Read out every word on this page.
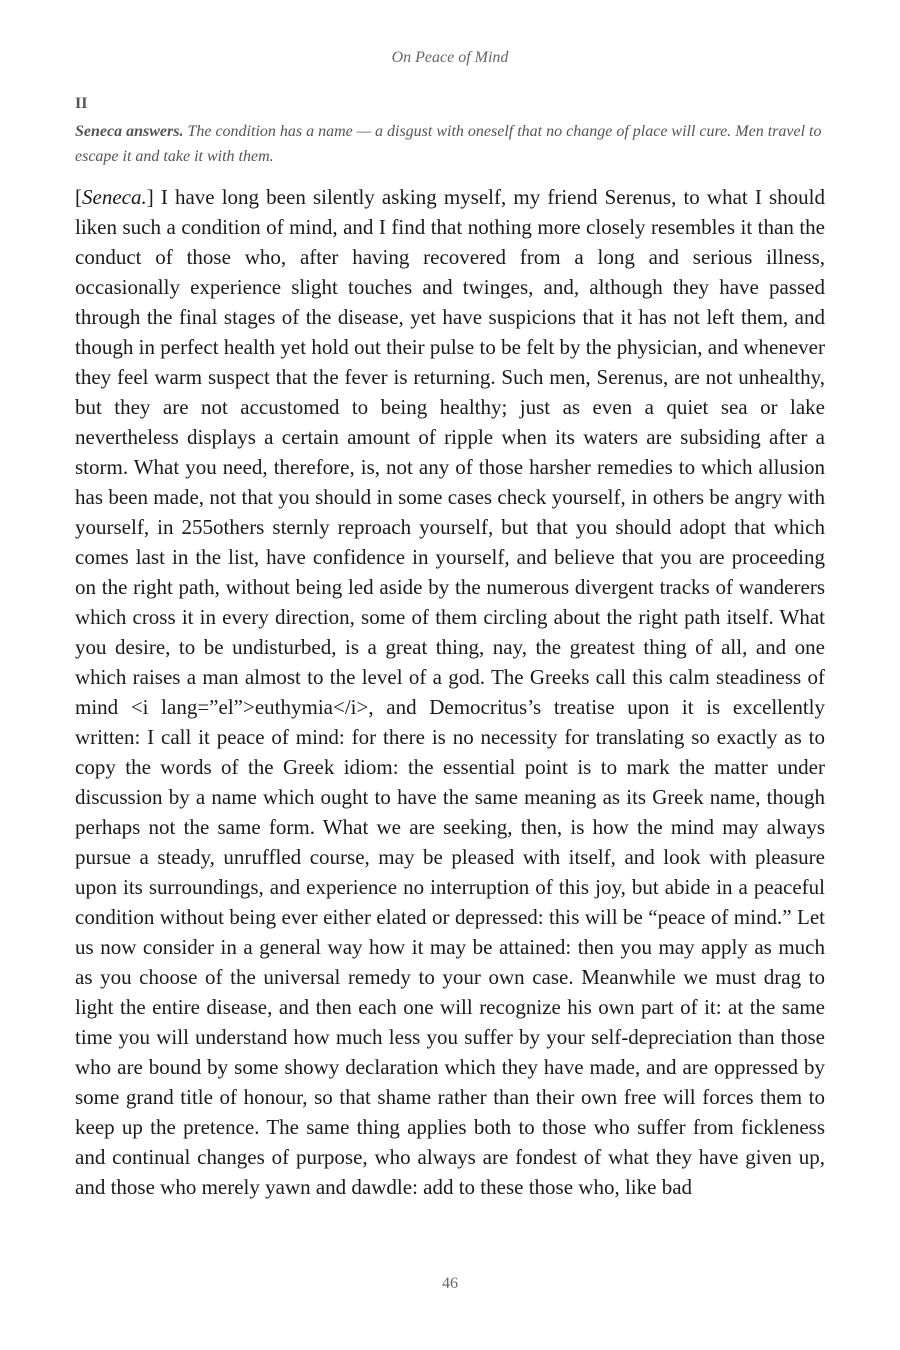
On Peace of Mind
II
Seneca answers. The condition has a name — a disgust with oneself that no change of place will cure. Men travel to escape it and take it with them.

[Seneca.] I have long been silently asking myself, my friend Serenus, to what I should liken such a condition of mind, and I find that nothing more closely resembles it than the conduct of those who, after having recovered from a long and serious illness, occasionally experience slight touches and twinges, and, although they have passed through the final stages of the disease, yet have suspicions that it has not left them, and though in perfect health yet hold out their pulse to be felt by the physician, and whenever they feel warm suspect that the fever is returning. Such men, Serenus, are not unhealthy, but they are not accustomed to being healthy; just as even a quiet sea or lake nevertheless displays a certain amount of ripple when its waters are subsiding after a storm. What you need, therefore, is, not any of those harsher remedies to which allusion has been made, not that you should in some cases check yourself, in others be angry with yourself, in 255others sternly reproach yourself, but that you should adopt that which comes last in the list, have confidence in yourself, and believe that you are proceeding on the right path, without being led aside by the numerous divergent tracks of wanderers which cross it in every direction, some of them circling about the right path itself. What you desire, to be undisturbed, is a great thing, nay, the greatest thing of all, and one which raises a man almost to the level of a god. The Greeks call this calm steadiness of mind <i lang=”el”>euthymia</i>, and Democritus’s treatise upon it is excellently written: I call it peace of mind: for there is no necessity for translating so exactly as to copy the words of the Greek idiom: the essential point is to mark the matter under discussion by a name which ought to have the same meaning as its Greek name, though perhaps not the same form. What we are seeking, then, is how the mind may always pursue a steady, unruffled course, may be pleased with itself, and look with pleasure upon its surroundings, and experience no interruption of this joy, but abide in a peaceful condition without being ever either elated or depressed: this will be “peace of mind.” Let us now consider in a general way how it may be attained: then you may apply as much as you choose of the universal remedy to your own case. Meanwhile we must drag to light the entire disease, and then each one will recognize his own part of it: at the same time you will understand how much less you suffer by your self-depreciation than those who are bound by some showy declaration which they have made, and are oppressed by some grand title of honour, so that shame rather than their own free will forces them to keep up the pretence. The same thing applies both to those who suffer from fickleness and continual changes of purpose, who always are fondest of what they have given up, and those who merely yawn and dawdle: add to these those who, like bad

46
